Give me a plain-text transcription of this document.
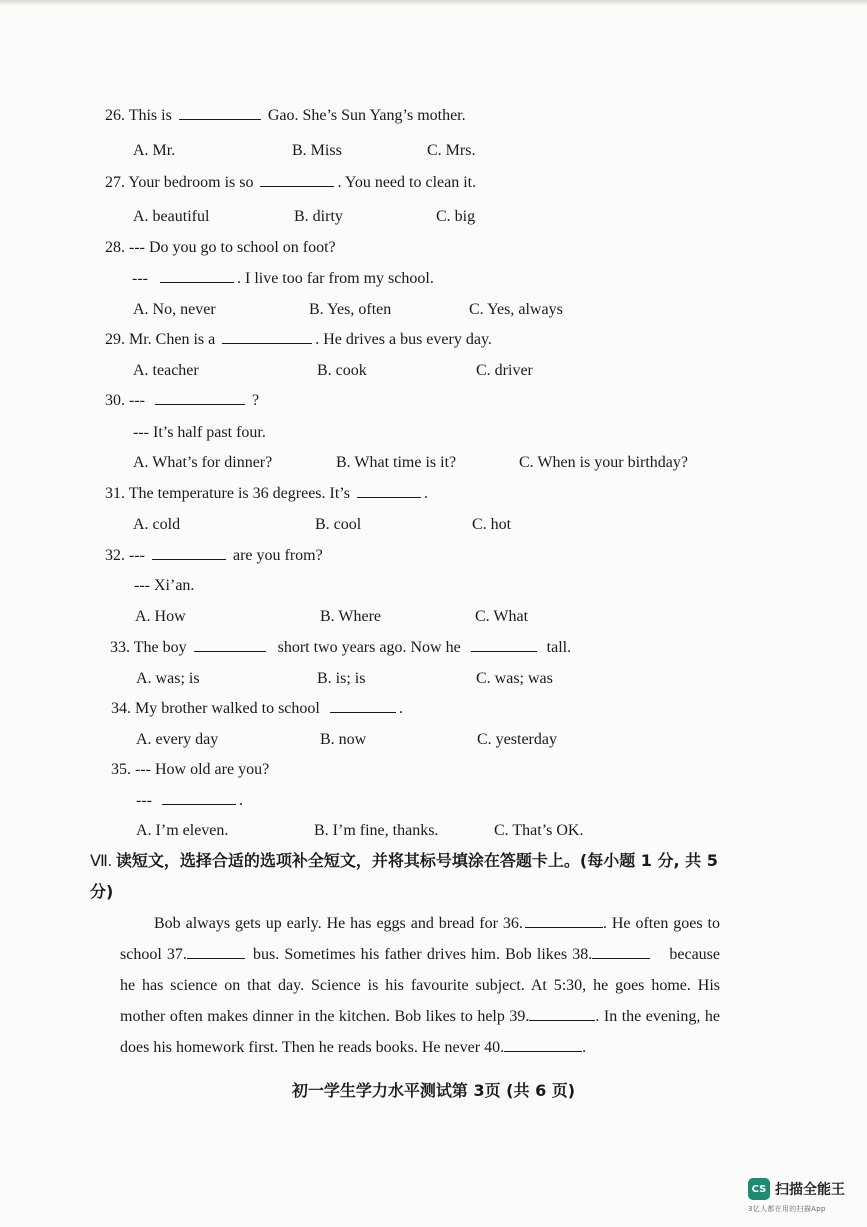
26. This is	Gao. She’s Sun Yang’s mother.
A. Mr.	B. Miss	C. Mrs.
27. Your bedroom is so	. You need to clean it.
A. beautiful	B. dirty	C. big
28. --- Do you go to school on foot?
---	. I live too far from my school.
A. No, never	B. Yes, often	C. Yes, always
29. Mr. Chen is a	. He drives a bus every day.
A. teacher	B. cook	C. driver
30. ---	?
--- It’s half past four.
A. What’s for dinner?	B. What time is it?	C. When is your birthday?
31. The temperature is 36 degrees. It’s	.
A. cold	B. cool	C. hot
32. ---	are you from?
--- Xi’an.
A. How	B. Where	C. What
33. The boy	short two years ago. Now he	tall.
A. was; is	B. is; is	C. was; was
34. My brother walked to school	.
A. every day	B. now	C. yesterday
35. --- How old are you?
---	.
A. I’m eleven.	B. I’m fine, thanks.	C. That’s OK.
Ⅶ. 读短文，选择合适的选项补全短文，并将其标号填涂在答题卡上。(每小题 1 分, 共 5分)
Bob always gets up early. He has eggs and bread for 36.	. He often goes to school 37.	bus. Sometimes his father drives him. Bob likes 38.	because he has science on that day. Science is his favourite subject. At 5:30, he goes home. His mother often makes dinner in the kitchen. Bob likes to help 39.	. In the evening, he does his homework first. Then he reads books. He never 40.	.
初一学生学力水平测试第 3页 (共 6 页)
CS 扫描全能王
3亿人都在用的扫描App
